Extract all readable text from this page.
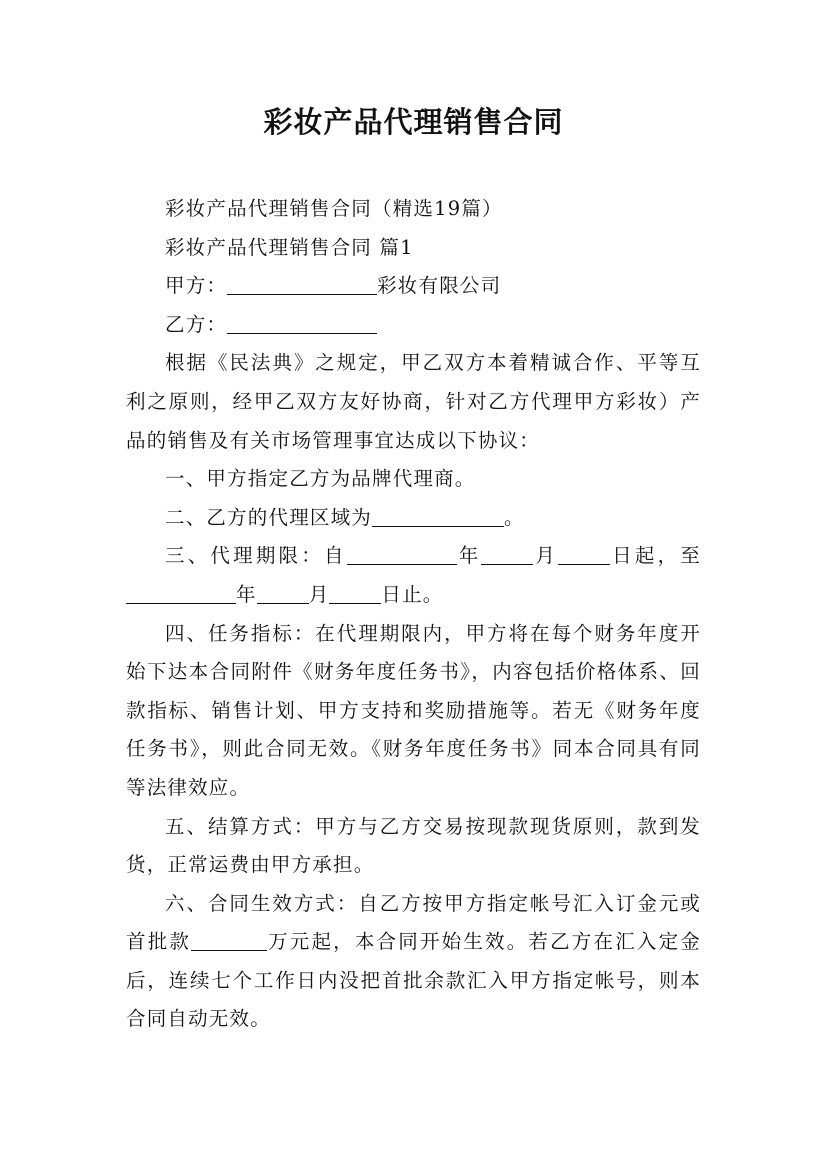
彩妆产品代理销售合同

彩妆产品代理销售合同（精选19篇）

彩妆产品代理销售合同 篇1

甲方：	彩妆有限公司

乙方：

根据《民法典》之规定，甲乙双方本着精诚合作、平等互利之原则，经甲乙双方友好协商，针对乙方代理甲方彩妆）产品的销售及有关市场管理事宜达成以下协议：

一、甲方指定乙方为品牌代理商。

二、乙方的代理区域为	。

三、代理期限：自	年	月	日起，至年	月	日止。

四、任务指标：在代理期限内，甲方将在每个财务年度开始下达本合同附件《财务年度任务书》，内容包括价格体系、回款指标、销售计划、甲方支持和奖励措施等。若无《财务年度任务书》，则此合同无效。《财务年度任务书》同本合同具有同等法律效应。

五、结算方式：甲方与乙方交易按现款现货原则，款到发货，正常运费由甲方承担。

六、合同生效方式：自乙方按甲方指定帐号汇入订金元或首批款	万元起，本合同开始生效。若乙方在汇入定金后，连续七个工作日内没把首批余款汇入甲方指定帐号，则本合同自动无效。
